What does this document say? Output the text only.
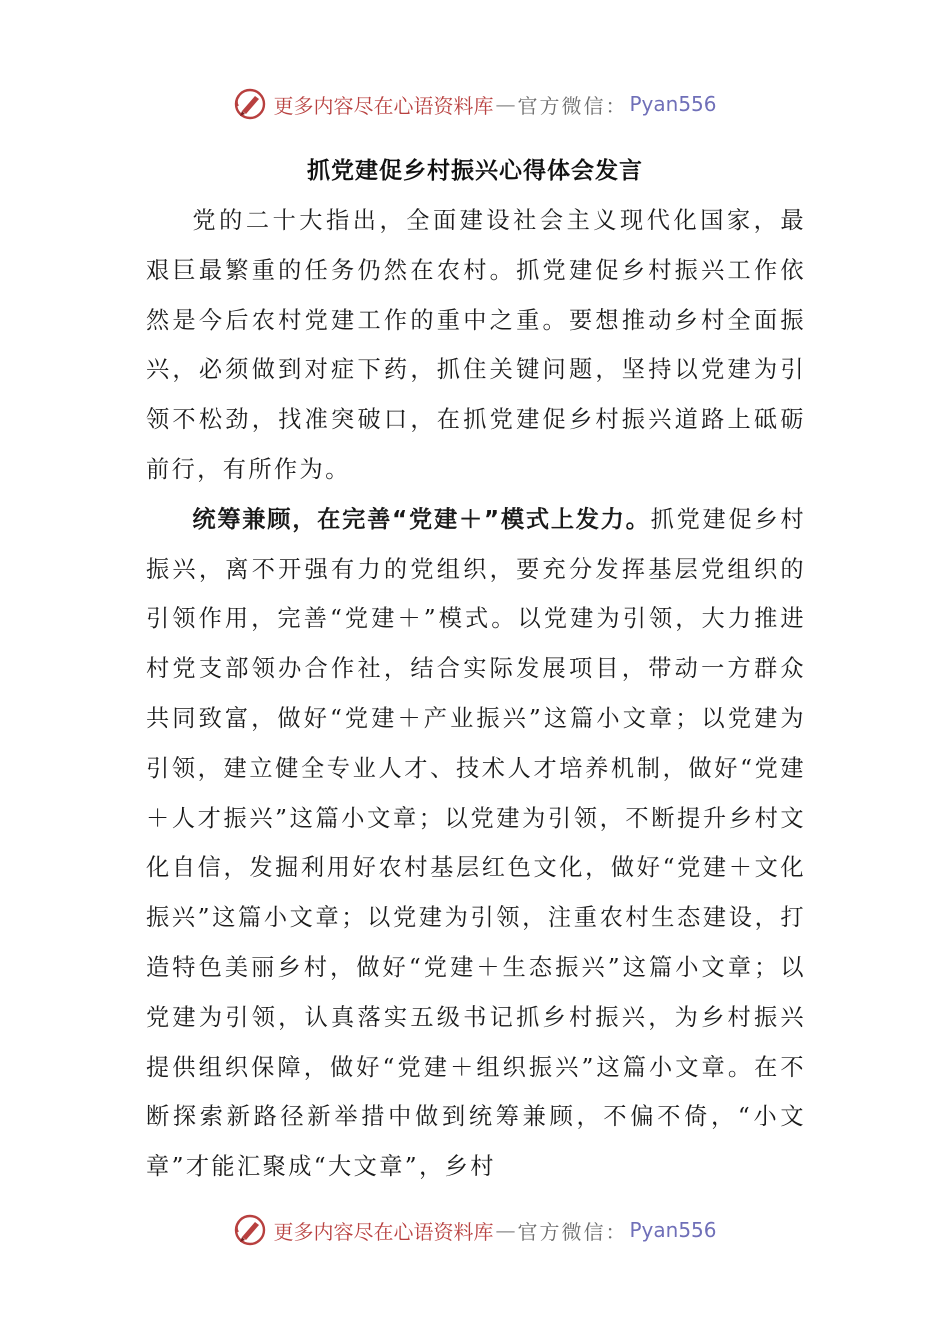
更多内容尽在心语资料库 — 官方微信： Pyan556
抓党建促乡村振兴心得体会发言

党的二十大指出，全面建设社会主义现代化国家，最艰巨最繁重的任务仍然在农村。抓党建促乡村振兴工作依然是今后农村党建工作的重中之重。要想推动乡村全面振兴，必须做到对症下药，抓住关键问题，坚持以党建为引领不松劲，找准突破口，在抓党建促乡村振兴道路上砥砺前行，有所作为。

统筹兼顾，在完善“党建＋”模式上发力。抓党建促乡村振兴，离不开强有力的党组织，要充分发挥基层党组织的引领作用，完善“党建＋”模式。以党建为引领，大力推进村党支部领办合作社，结合实际发展项目，带动一方群众共同致富，做好“党建＋产业振兴”这篇小文章；以党建为引领，建立健全专业人才、技术人才培养机制，做好“党建＋人才振兴”这篇小文章；以党建为引领，不断提升乡村文化自信，发掘利用好农村基层红色文化，做好“党建＋文化振兴”这篇小文章；以党建为引领，注重农村生态建设，打造特色美丽乡村，做好“党建＋生态振兴”这篇小文章；以党建为引领，认真落实五级书记抓乡村振兴，为乡村振兴提供组织保障，做好“党建＋组织振兴”这篇小文章。在不断探索新路径新举措中做到统筹兼顾，不偏不倚，“小文章”才能汇聚成“大文章”，乡村

更多内容尽在心语资料库 — 官方微信： Pyan556
